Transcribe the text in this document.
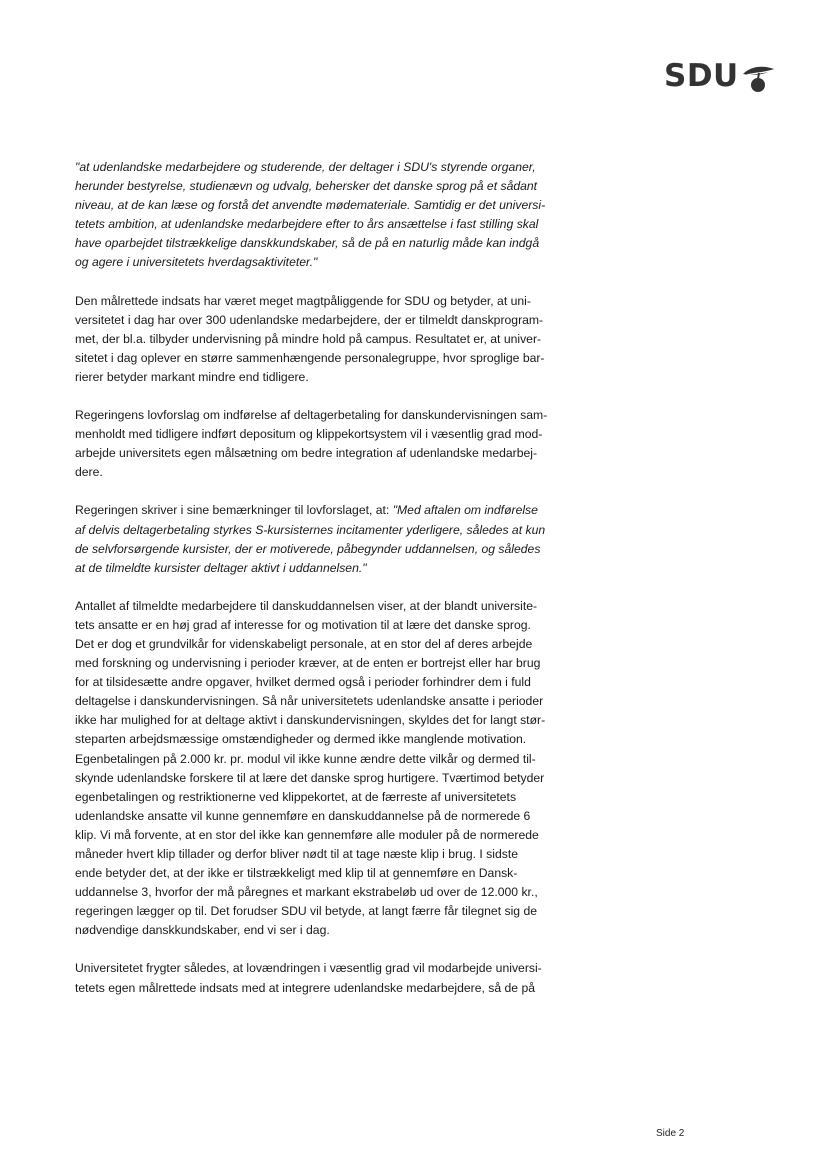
SDU

"at udenlandske medarbejdere og studerende, der deltager i SDU's styrende organer,
herunder bestyrelse, studienævn og udvalg, behersker det danske sprog på et sådant
niveau, at de kan læse og forstå det anvendte mødemateriale. Samtidig er det universi-
tetets ambition, at udenlandske medarbejdere efter to års ansættelse i fast stilling skal
have oparbejdet tilstrækkelige danskkundskaber, så de på en naturlig måde kan indgå
og agere i universitetets hverdagsaktiviteter."

Den målrettede indsats har været meget magtpåliggende for SDU og betyder, at uni-
versitetet i dag har over 300 udenlandske medarbejdere, der er tilmeldt danskprogram-
met, der bl.a. tilbyder undervisning på mindre hold på campus. Resultatet er, at univer-
sitetet i dag oplever en større sammenhængende personalegruppe, hvor sproglige bar-
rierer betyder markant mindre end tidligere.

Regeringens lovforslag om indførelse af deltagerbetaling for danskundervisningen sam-
menholdt med tidligere indført depositum og klippekortsystem vil i væsentlig grad mod-
arbejde universitets egen målsætning om bedre integration af udenlandske medarbej-
dere.

Regeringen skriver i sine bemærkninger til lovforslaget, at: "Med aftalen om indførelse
af delvis deltagerbetaling styrkes S-kursisternes incitamenter yderligere, således at kun
de selvforsørgende kursister, der er motiverede, påbegynder uddannelsen, og således
at de tilmeldte kursister deltager aktivt i uddannelsen."

Antallet af tilmeldte medarbejdere til danskuddannelsen viser, at der blandt universite-
tets ansatte er en høj grad af interesse for og motivation til at lære det danske sprog.
Det er dog et grundvilkår for videnskabeligt personale, at en stor del af deres arbejde
med forskning og undervisning i perioder kræver, at de enten er bortrejst eller har brug
for at tilsidesætte andre opgaver, hvilket dermed også i perioder forhindrer dem i fuld
deltagelse i danskundervisningen. Så når universitetets udenlandske ansatte i perioder
ikke har mulighed for at deltage aktivt i danskundervisningen, skyldes det for langt stør-
steparten arbejdsmæssige omstændigheder og dermed ikke manglende motivation.
Egenbetalingen på 2.000 kr. pr. modul vil ikke kunne ændre dette vilkår og dermed til-
skynde udenlandske forskere til at lære det danske sprog hurtigere. Tværtimod betyder
egenbetalingen og restriktionerne ved klippekortet, at de færreste af universitetets
udenlandske ansatte vil kunne gennemføre en danskuddannelse på de normerede 6
klip. Vi må forvente, at en stor del ikke kan gennemføre alle moduler på de normerede
måneder hvert klip tillader og derfor bliver nødt til at tage næste klip i brug. I sidste
ende betyder det, at der ikke er tilstrækkeligt med klip til at gennemføre en Dansk-
uddannelse 3, hvorfor der må påregnes et markant ekstrabeløb ud over de 12.000 kr.,
regeringen lægger op til. Det forudser SDU vil betyde, at langt færre får tilegnet sig de
nødvendige danskkundskaber, end vi ser i dag.

Universitetet frygter således, at lovændringen i væsentlig grad vil modarbejde universi-
tetets egen målrettede indsats med at integrere udenlandske medarbejdere, så de på

Side 2
